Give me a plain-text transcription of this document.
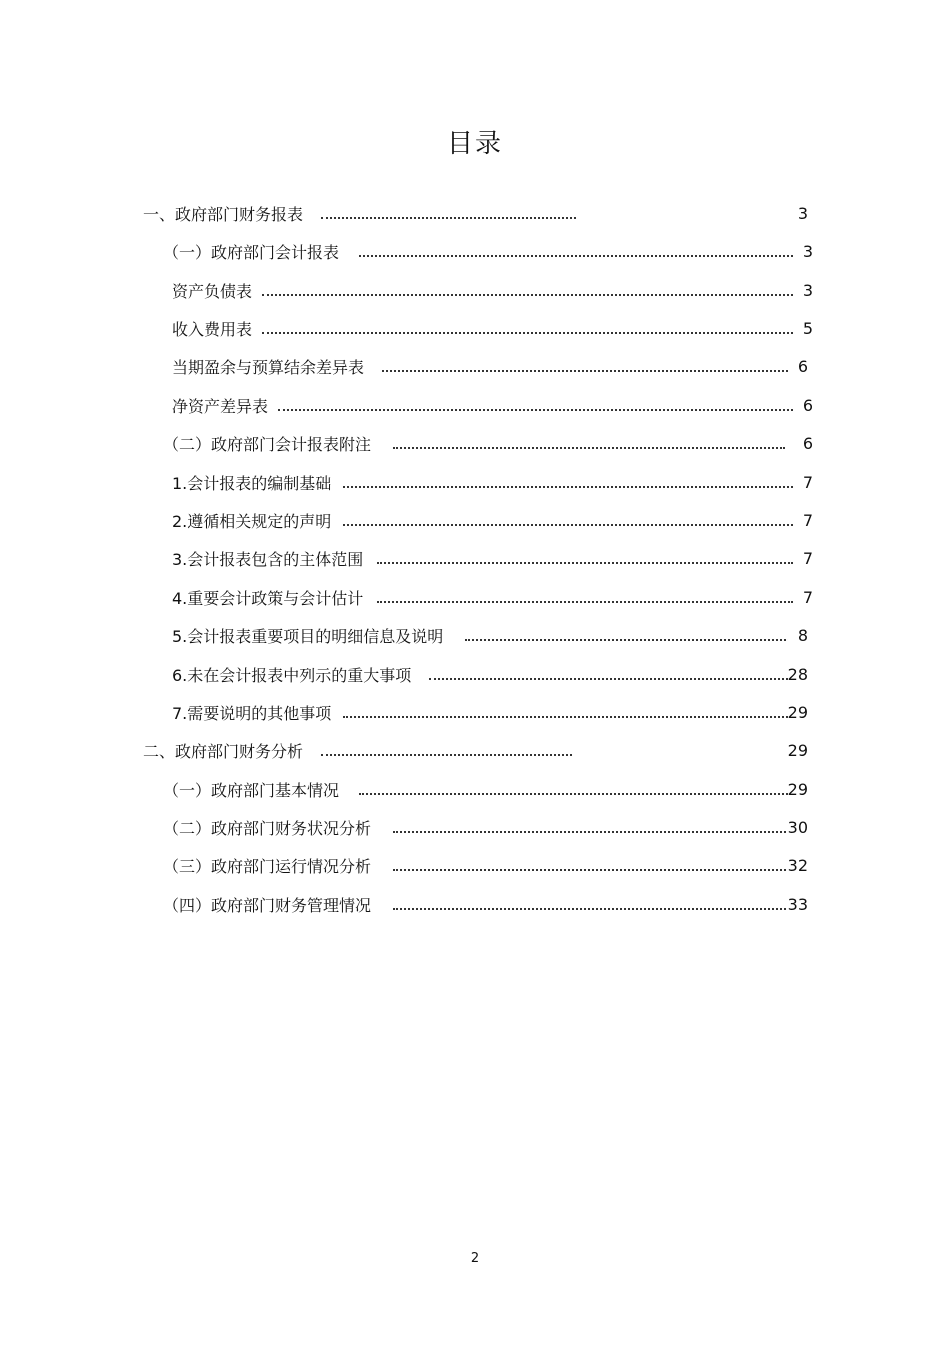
目录
一、政府部门财务报表	3
（一）政府部门会计报表	3
资产负债表	3
收入费用表	5
当期盈余与预算结余差异表	6
净资产差异表	6
（二）政府部门会计报表附注	6
1.会计报表的编制基础	7
2.遵循相关规定的声明	7
3.会计报表包含的主体范围	7
4.重要会计政策与会计估计	7
5.会计报表重要项目的明细信息及说明	8
6.未在会计报表中列示的重大事项	28
7.需要说明的其他事项	29
二、政府部门财务分析	29
（一）政府部门基本情况	29
（二）政府部门财务状况分析	30
（三）政府部门运行情况分析	32
（四）政府部门财务管理情况	33
2
